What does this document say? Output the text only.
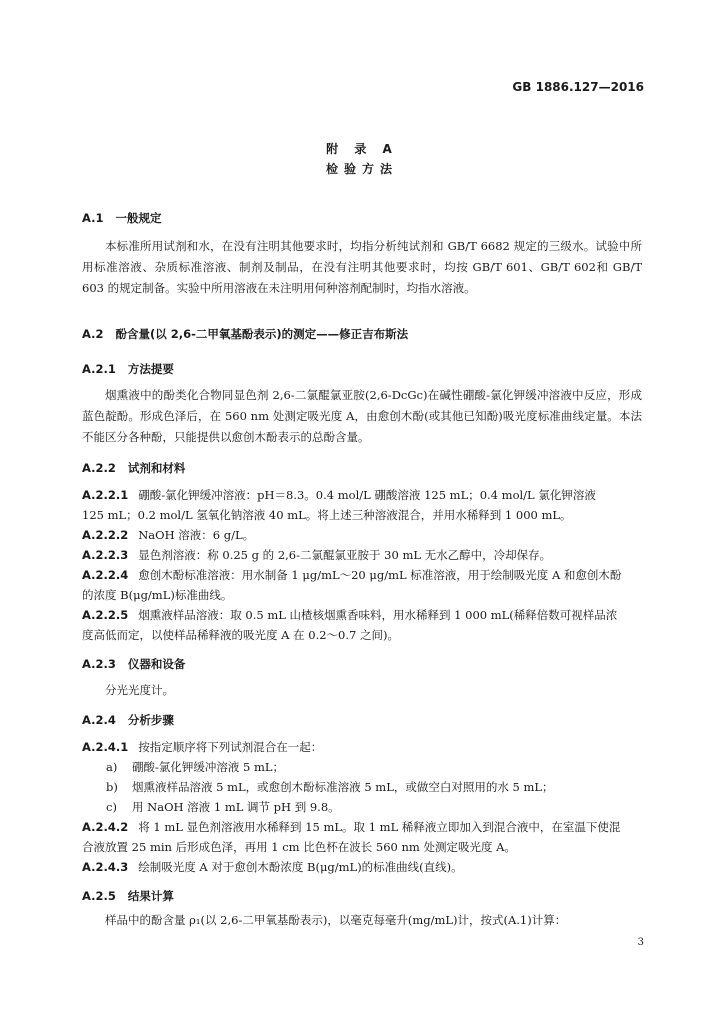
GB 1886.127—2016
附 录 A
检验方法
A.1 一般规定
本标准所用试剂和水，在没有注明其他要求时，均指分析纯试剂和 GB/T 6682 规定的三级水。试验中所用标准溶液、杂质标准溶液、制剂及制品，在没有注明其他要求时，均按 GB/T 601、GB/T 602和 GB/T 603 的规定制备。实验中所用溶液在未注明用何种溶剂配制时，均指水溶液。
A.2 酚含量(以 2,6-二甲氧基酚表示)的测定——修正吉布斯法
A.2.1 方法提要
烟熏液中的酚类化合物同显色剂 2,6-二氯醌氯亚胺(2,6-DcGc)在碱性硼酸-氯化钾缓冲溶液中反应，形成蓝色靛酚。形成色泽后，在 560 nm 处测定吸光度 A，由愈创木酚(或其他已知酚)吸光度标准曲线定量。本法不能区分各种酚，只能提供以愈创木酚表示的总酚含量。
A.2.2 试剂和材料
A.2.2.1 硼酸-氯化钾缓冲溶液：pH＝8.3。0.4 mol/L 硼酸溶液 125 mL；0.4 mol/L 氯化钾溶液
125 mL；0.2 mol/L 氢氧化钠溶液 40 mL。将上述三种溶液混合，并用水稀释到 1 000 mL。
A.2.2.2 NaOH 溶液：6 g/L。
A.2.2.3 显色剂溶液：称 0.25 g 的 2,6-二氯醌氯亚胺于 30 mL 无水乙醇中，冷却保存。
A.2.2.4 愈创木酚标准溶液：用水制备 1 μg/mL～20 μg/mL 标准溶液，用于绘制吸光度 A 和愈创木酚
的浓度 B(μg/mL)标准曲线。
A.2.2.5 烟熏液样品溶液：取 0.5 mL 山楂核烟熏香味料，用水稀释到 1 000 mL(稀释倍数可视样品浓
度高低而定，以使样品稀释液的吸光度 A 在 0.2～0.7 之间)。
A.2.3 仪器和设备
分光光度计。
A.2.4 分析步骤
A.2.4.1 按指定顺序将下列试剂混合在一起：
a) 硼酸-氯化钾缓冲溶液 5 mL；
b) 烟熏液样品溶液 5 mL，或愈创木酚标准溶液 5 mL，或做空白对照用的水 5 mL；
c) 用 NaOH 溶液 1 mL 调节 pH 到 9.8。
A.2.4.2 将 1 mL 显色剂溶液用水稀释到 15 mL。取 1 mL 稀释液立即加入到混合液中，在室温下使混
合液放置 25 min 后形成色泽，再用 1 cm 比色杯在波长 560 nm 处测定吸光度 A。
A.2.4.3 绘制吸光度 A 对于愈创木酚浓度 B(μg/mL)的标准曲线(直线)。
A.2.5 结果计算
样品中的酚含量 ρ₁(以 2,6-二甲氧基酚表示)，以毫克每毫升(mg/mL)计，按式(A.1)计算：
3
